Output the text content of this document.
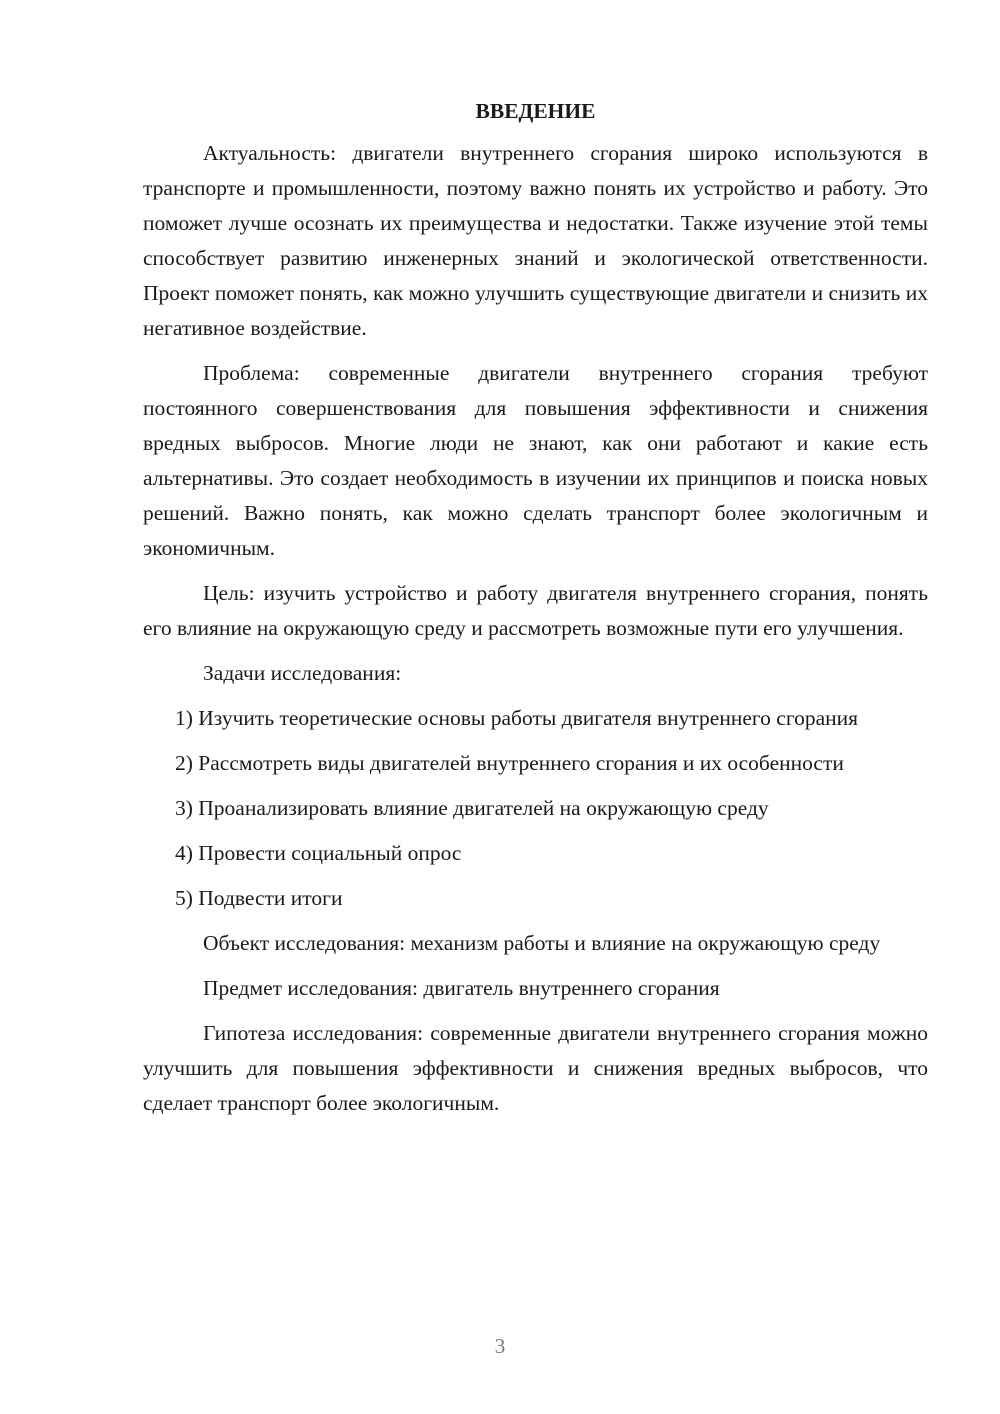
ВВЕДЕНИЕ

Актуальность: двигатели внутреннего сгорания широко используются в транспорте и промышленности, поэтому важно понять их устройство и работу. Это поможет лучше осознать их преимущества и недостатки. Также изучение этой темы способствует развитию инженерных знаний и экологической ответственности. Проект поможет понять, как можно улучшить существующие двигатели и снизить их негативное воздействие.

Проблема: современные двигатели внутреннего сгорания требуют постоянного совершенствования для повышения эффективности и снижения вредных выбросов. Многие люди не знают, как они работают и какие есть альтернативы. Это создает необходимость в изучении их принципов и поиска новых решений. Важно понять, как можно сделать транспорт более экологичным и экономичным.

Цель: изучить устройство и работу двигателя внутреннего сгорания, понять его влияние на окружающую среду и рассмотреть возможные пути его улучшения.

Задачи исследования:

1) Изучить теоретические основы работы двигателя внутреннего сгорания

2) Рассмотреть виды двигателей внутреннего сгорания и их особенности

3) Проанализировать влияние двигателей на окружающую среду

4) Провести социальный опрос

5) Подвести итоги

Объект исследования: механизм работы и влияние на окружающую среду

Предмет исследования: двигатель внутреннего сгорания

Гипотеза исследования: современные двигатели внутреннего сгорания можно улучшить для повышения эффективности и снижения вредных выбросов, что сделает транспорт более экологичным.

3
